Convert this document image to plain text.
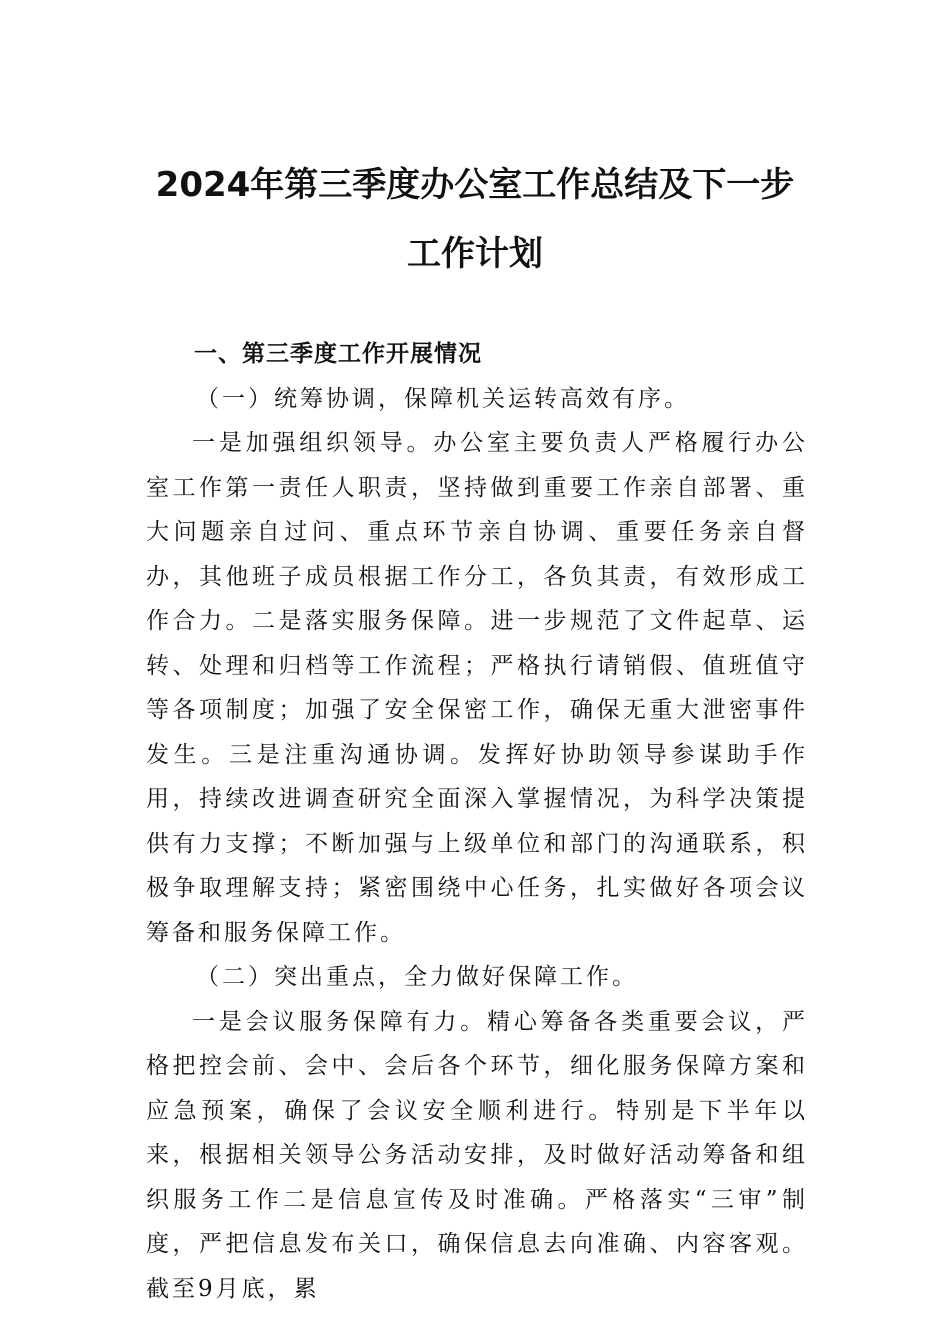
2024年第三季度办公室工作总结及下一步
工作计划

一、第三季度工作开展情况

（一）统筹协调，保障机关运转高效有序。

一是加强组织领导。办公室主要负责人严格履行办公室工作第一责任人职责，坚持做到重要工作亲自部署、重大问题亲自过问、重点环节亲自协调、重要任务亲自督办，其他班子成员根据工作分工，各负其责，有效形成工作合力。二是落实服务保障。进一步规范了文件起草、运转、处理和归档等工作流程；严格执行请销假、值班值守等各项制度；加强了安全保密工作，确保无重大泄密事件发生。三是注重沟通协调。发挥好协助领导参谋助手作用，持续改进调查研究全面深入掌握情况，为科学决策提供有力支撑；不断加强与上级单位和部门的沟通联系，积极争取理解支持；紧密围绕中心任务，扎实做好各项会议筹备和服务保障工作。

（二）突出重点，全力做好保障工作。

一是会议服务保障有力。精心筹备各类重要会议，严格把控会前、会中、会后各个环节，细化服务保障方案和应急预案，确保了会议安全顺利进行。特别是下半年以来，根据相关领导公务活动安排，及时做好活动筹备和组织服务工作二是信息宣传及时准确。严格落实“三审”制度，严把信息发布关口，确保信息去向准确、内容客观。截至9月底，累
